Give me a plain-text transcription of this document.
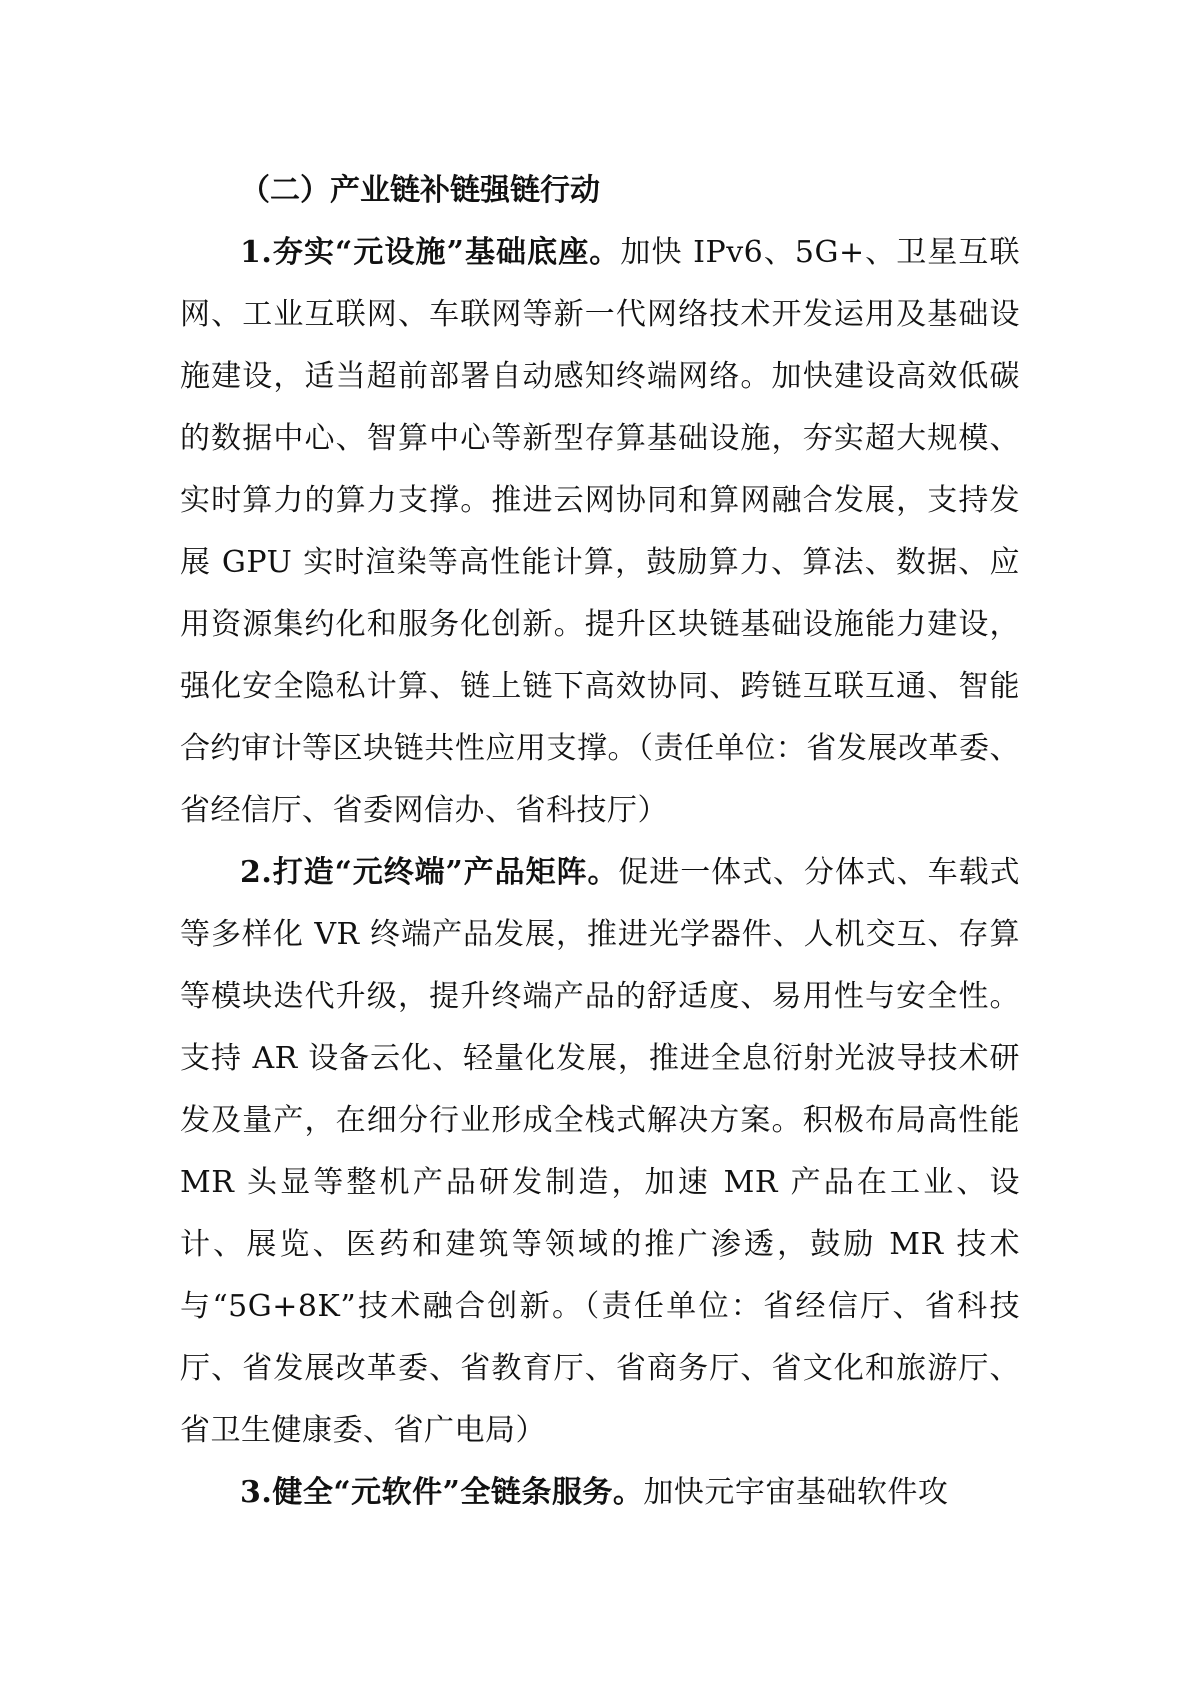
（二）产业链补链强链行动

1.夯实“元设施”基础底座。加快 IPv6、5G+、卫星互联网、工业互联网、车联网等新一代网络技术开发运用及基础设施建设，适当超前部署自动感知终端网络。加快建设高效低碳的数据中心、智算中心等新型存算基础设施，夯实超大规模、实时算力的算力支撑。推进云网协同和算网融合发展，支持发展 GPU 实时渲染等高性能计算，鼓励算力、算法、数据、应用资源集约化和服务化创新。提升区块链基础设施能力建设，强化安全隐私计算、链上链下高效协同、跨链互联互通、智能合约审计等区块链共性应用支撑。（责任单位：省发展改革委、省经信厅、省委网信办、省科技厅）

2.打造“元终端”产品矩阵。促进一体式、分体式、车载式等多样化 VR 终端产品发展，推进光学器件、人机交互、存算等模块迭代升级，提升终端产品的舒适度、易用性与安全性。支持 AR 设备云化、轻量化发展，推进全息衍射光波导技术研发及量产，在细分行业形成全栈式解决方案。积极布局高性能 MR 头显等整机产品研发制造，加速 MR 产品在工业、设计、展览、医药和建筑等领域的推广渗透，鼓励 MR 技术与“5G+8K”技术融合创新。（责任单位：省经信厅、省科技厅、省发展改革委、省教育厅、省商务厅、省文化和旅游厅、省卫生健康委、省广电局）

3.健全“元软件”全链条服务。加快元宇宙基础软件攻
